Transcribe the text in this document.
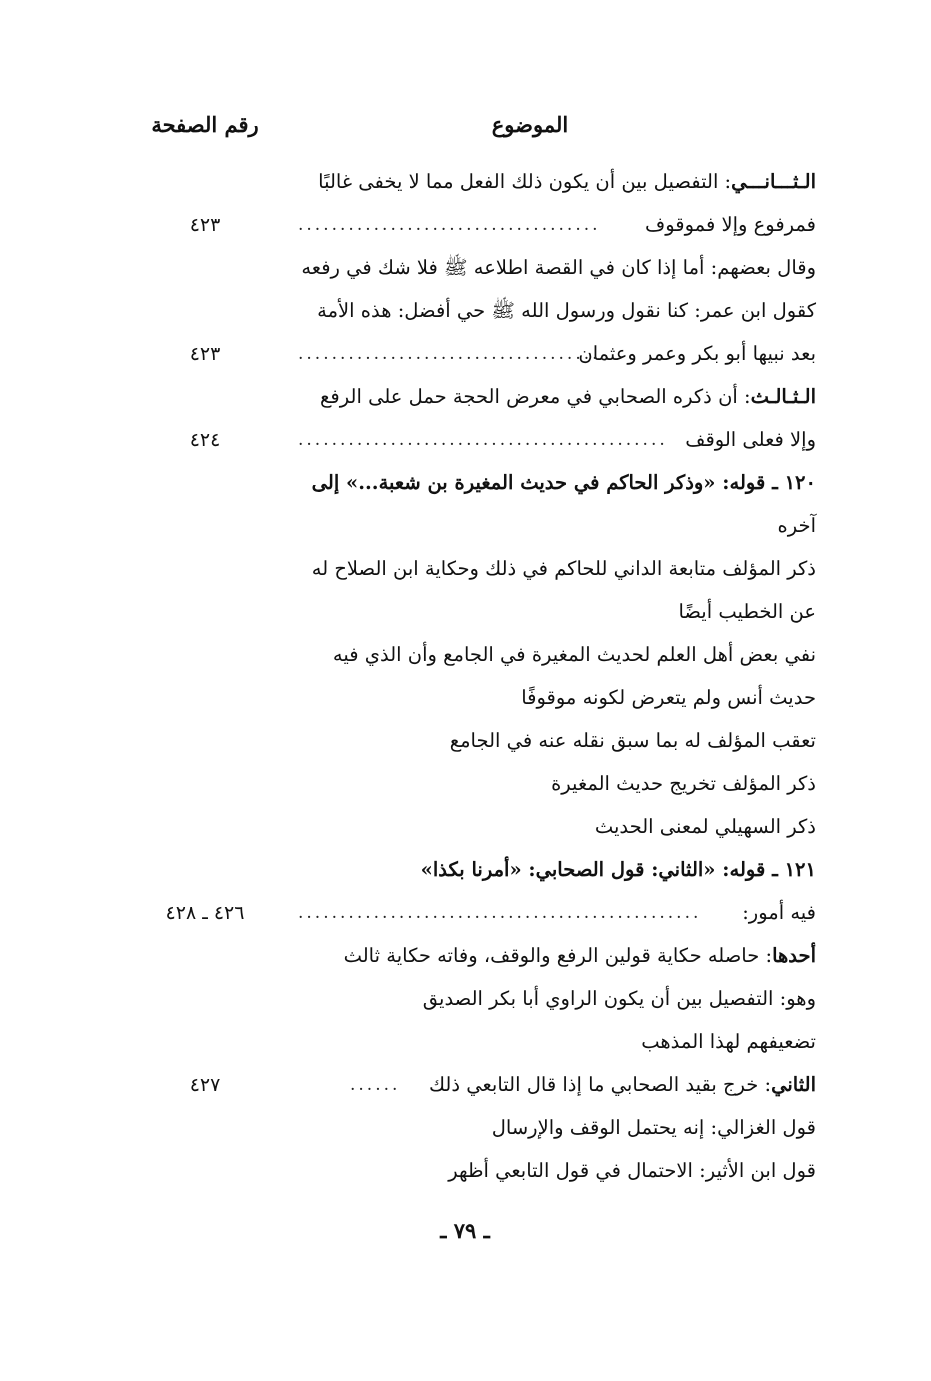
الموضوع
رقم الصفحة
الـثـــانـــي: التفصيل بين أن يكون ذلك الفعل مما لا يخفى غالبًا
فمرفوع وإلا فموقوف
....................................
٤٢٣
وقال بعضهم: أما إذا كان في القصة اطلاعه ﷺ فلا شك في رفعه
كقول ابن عمر: كنا نقول ورسول الله ﷺ حي أفضل: هذه الأمة
بعد نبيها أبو بكر وعمر وعثمان
....................................
٤٢٣
الـثـالـث: أن ذكره الصحابي في معرض الحجة حمل على الرفع
وإلا فعلى الوقف
............................................
٤٢٤
١٢٠ ـ قوله: «وذكر الحاكم في حديث المغيرة بن شعبة...» إلى
آخره
ذكر المؤلف متابعة الداني للحاكم في ذلك وحكاية ابن الصلاح له
عن الخطيب أيضًا
نفي بعض أهل العلم لحديث المغيرة في الجامع وأن الذي فيه
حديث أنس ولم يتعرض لكونه موقوفًا
تعقب المؤلف له بما سبق نقله عنه في الجامع
ذكر المؤلف تخريج حديث المغيرة
ذكر السهيلي لمعنى الحديث
١٢١ ـ قوله: «الثاني: قول الصحابي: «أمرنا بكذا»
فيه أمور:
................................................
٤٢٦ ـ ٤٢٨
أحدها: حاصله حكاية قولين الرفع والوقف، وفاته حكاية ثالث
وهو: التفصيل بين أن يكون الراوي أبا بكر الصديق
تضعيفهم لهذا المذهب
الثاني: خرج بقيد الصحابي ما إذا قال التابعي ذلك
......
٤٢٧
قول الغزالي: إنه يحتمل الوقف والإرسال
قول ابن الأثير: الاحتمال في قول التابعي أظهر
ـ ٧٩ ـ
